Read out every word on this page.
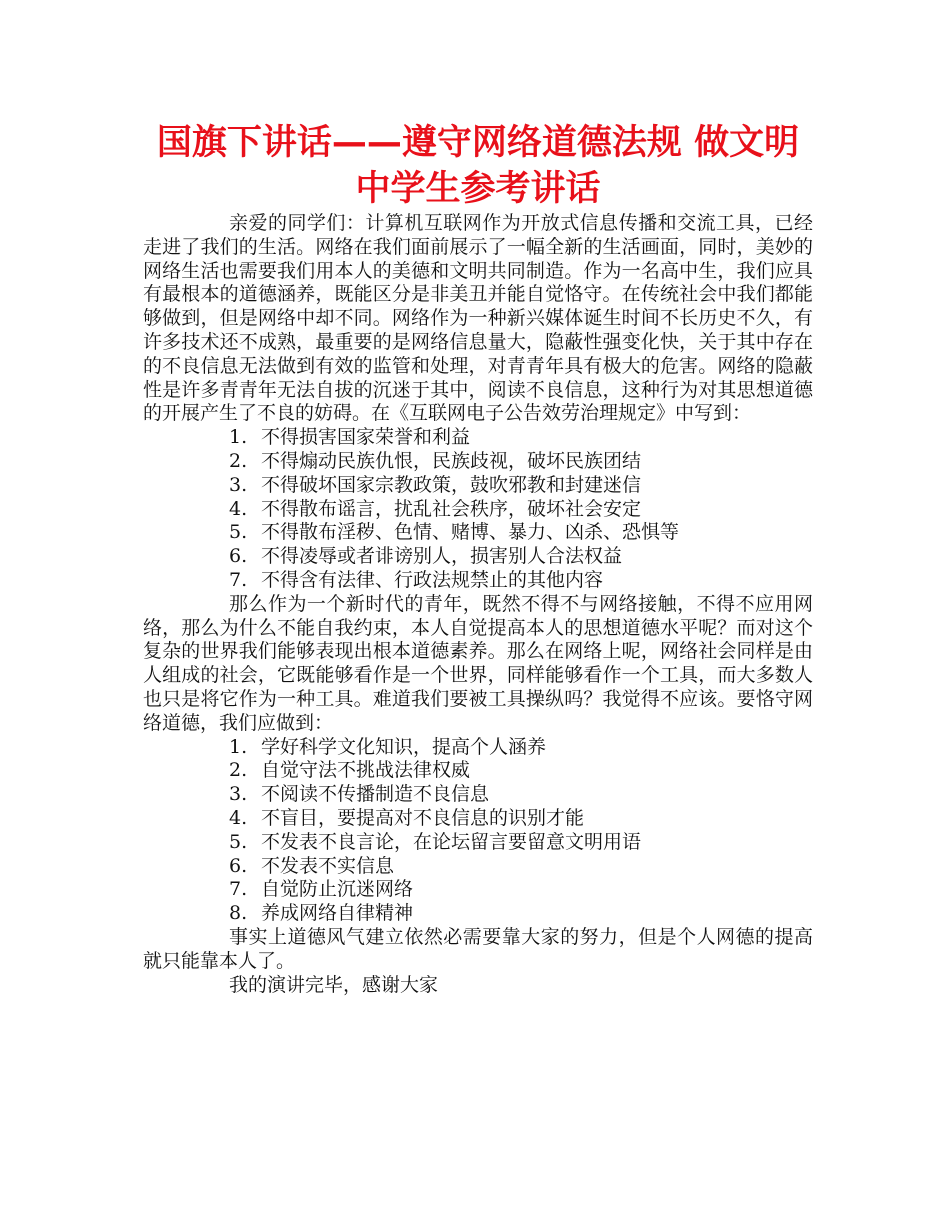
国旗下讲话——遵守网络道德法规 做文明
中学生参考讲话

亲爱的同学们：计算机互联网作为开放式信息传播和交流工具，已经走进了我们的生活。网络在我们面前展示了一幅全新的生活画面，同时，美妙的网络生活也需要我们用本人的美德和文明共同制造。作为一名高中生，我们应具有最根本的道德涵养，既能区分是非美丑并能自觉恪守。在传统社会中我们都能够做到，但是网络中却不同。网络作为一种新兴媒体诞生时间不长历史不久，有许多技术还不成熟，最重要的是网络信息量大，隐蔽性强变化快，关于其中存在的不良信息无法做到有效的监管和处理，对青青年具有极大的危害。网络的隐蔽性是许多青青年无法自拔的沉迷于其中，阅读不良信息，这种行为对其思想道德的开展产生了不良的妨碍。在《互联网电子公告效劳治理规定》中写到：

1. 不得损害国家荣誉和利益
2. 不得煽动民族仇恨，民族歧视，破坏民族团结
3. 不得破坏国家宗教政策，鼓吹邪教和封建迷信
4. 不得散布谣言，扰乱社会秩序，破坏社会安定
5. 不得散布淫秽、色情、赌博、暴力、凶杀、恐惧等
6. 不得凌辱或者诽谤别人，损害别人合法权益
7. 不得含有法律、行政法规禁止的其他内容

那么作为一个新时代的青年，既然不得不与网络接触，不得不应用网络，那么为什么不能自我约束，本人自觉提高本人的思想道德水平呢？而对这个复杂的世界我们能够表现出根本道德素养。那么在网络上呢，网络社会同样是由人组成的社会，它既能够看作是一个世界，同样能够看作一个工具，而大多数人也只是将它作为一种工具。难道我们要被工具操纵吗？我觉得不应该。要恪守网络道德，我们应做到：

1. 学好科学文化知识，提高个人涵养
2. 自觉守法不挑战法律权威
3. 不阅读不传播制造不良信息
4. 不盲目，要提高对不良信息的识别才能
5. 不发表不良言论，在论坛留言要留意文明用语
6. 不发表不实信息
7. 自觉防止沉迷网络
8. 养成网络自律精神

事实上道德风气建立依然必需要靠大家的努力，但是个人网德的提高就只能靠本人了。

我的演讲完毕，感谢大家
